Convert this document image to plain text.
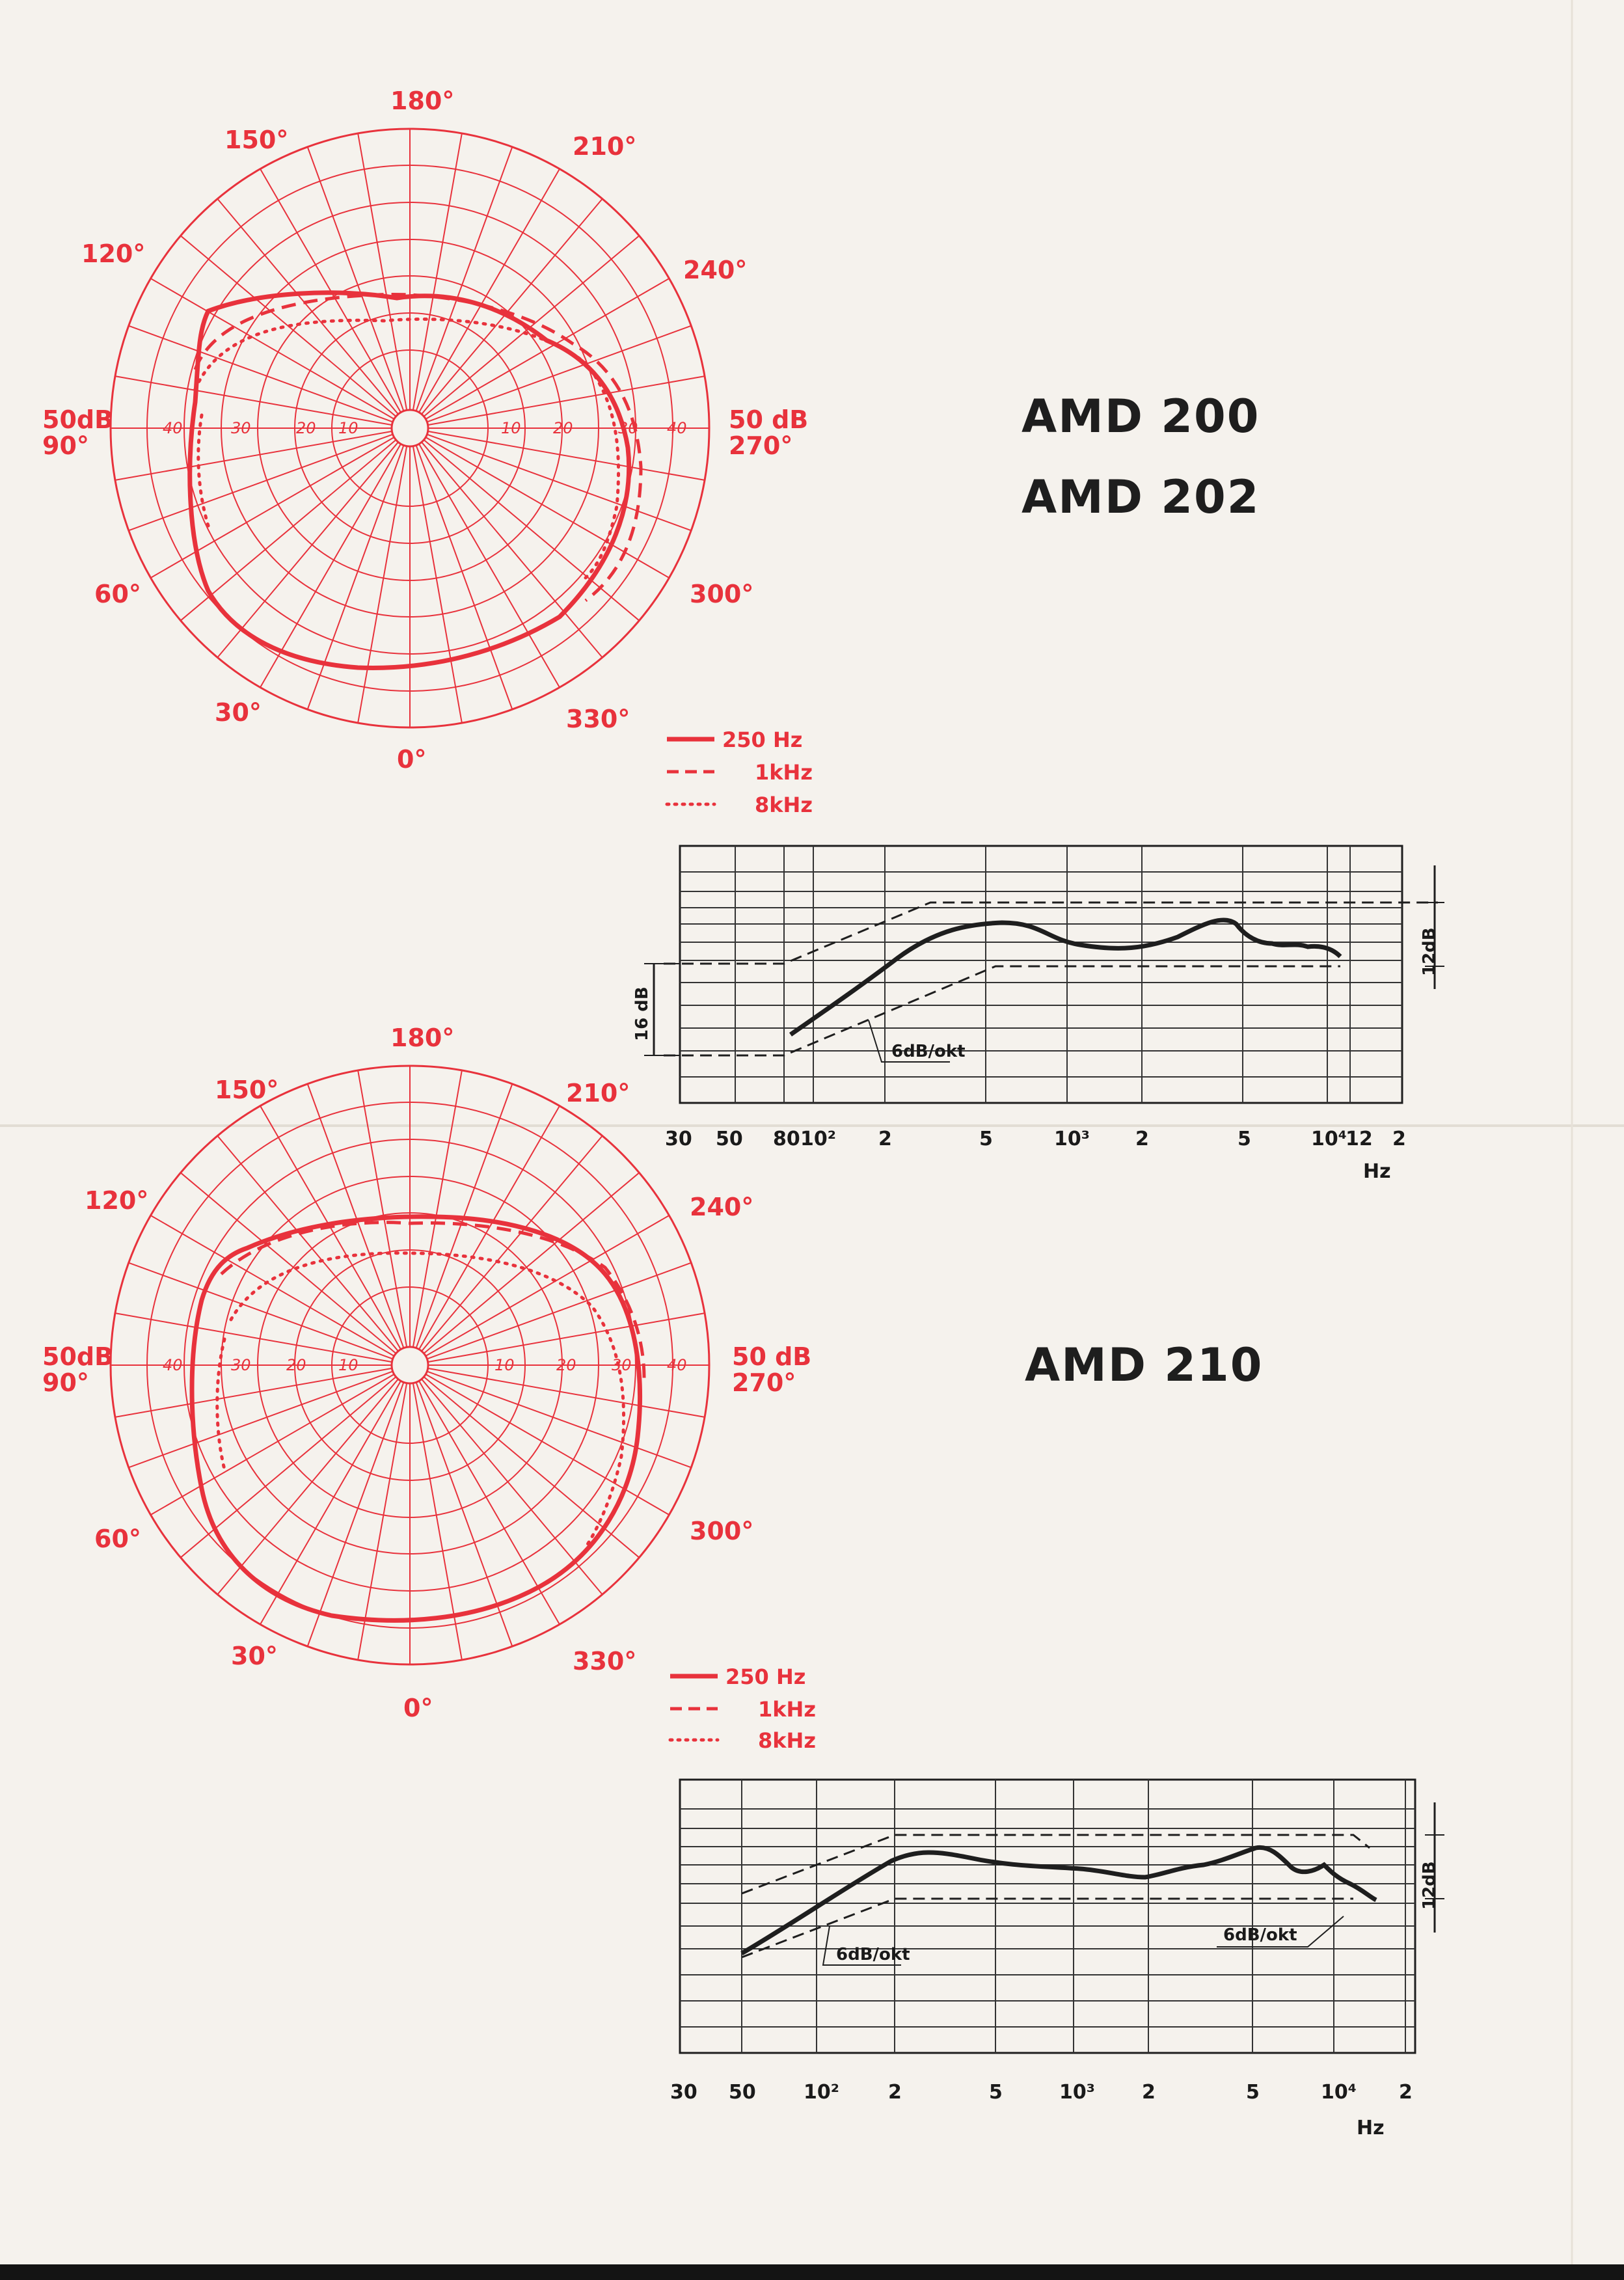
40	30	20 10	10 20	30 40
180°
210°
240°
50 dB
270°
300°
330°
0°
30°
60°
50dB
90°
120°
150°
AMD 200
AMD 202
250 Hz
1kHz
8kHz
6dB/okt
16 dB
12dB
30 50 80 10² 2	5	10³ 2	5	10⁴
12 2
Hz
40	30 20 10	10	20 30 40
180°
210°
240°
50 dB
270°
300°
330°
0°
30°
60°
50dB
90°
120°
150°
AMD 210
250 Hz
1kHz
8kHz
6dB/okt
6dB/okt
12dB
30 50 10²	2	5	10³ 2	5	10⁴ 2
Hz
